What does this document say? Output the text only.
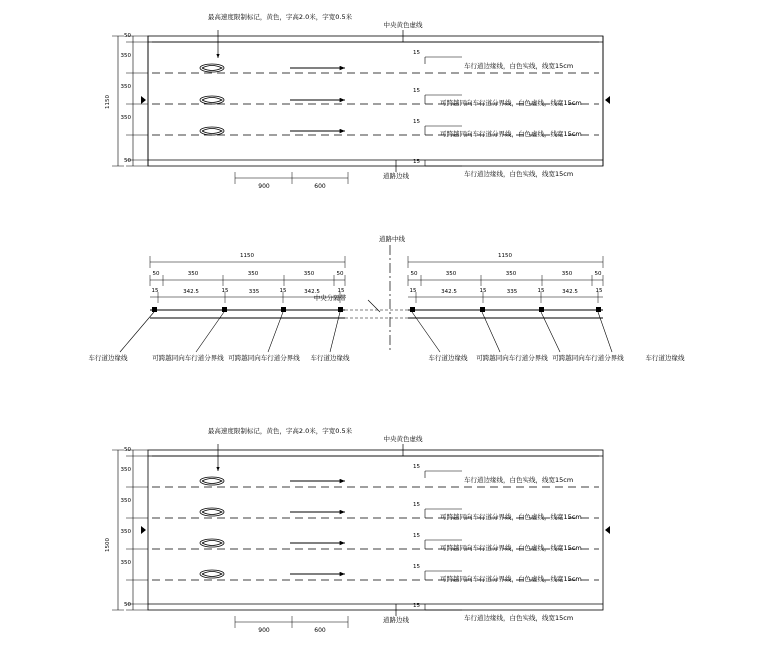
最高速度限制标记，黄色，字高2.0米，字宽0.5米
中央黄色虚线
道路边线
50
350
350
350
50
1150
15
15
15
15
车行道边缘线，白色实线，线宽15cm
可跨越同向车行道分界线，白色虚线，线宽15cm
可跨越同向车行道分界线，白色虚线，线宽15cm
车行道边缘线，白色实线，线宽15cm
900	600
道路中线
中央分隔带
1150
50	350	350	350	50
15	15	15	15
342.5	335	342.5
车行道边缘线	可跨越同向车行道分界线 可跨越同向车行道分界线 车行道边缘线
1150
50	350	350	350	50
15	15	15	15
342.5	335	342.5
车行道边缘线 可跨越同向车行道分界线 可跨越同向车行道分界线	车行道边缘线
最高速度限制标记，黄色，字高2.0米，字宽0.5米
中央黄色虚线
道路边线
50
350
350
350
350
50
1500
15
15
15
15
15
车行道边缘线，白色实线，线宽15cm
可跨越同向车行道分界线，白色虚线，线宽15cm
可跨越同向车行道分界线，白色虚线，线宽15cm
可跨越同向车行道分界线，白色虚线，线宽15cm
车行道边缘线，白色实线，线宽15cm
900	600
